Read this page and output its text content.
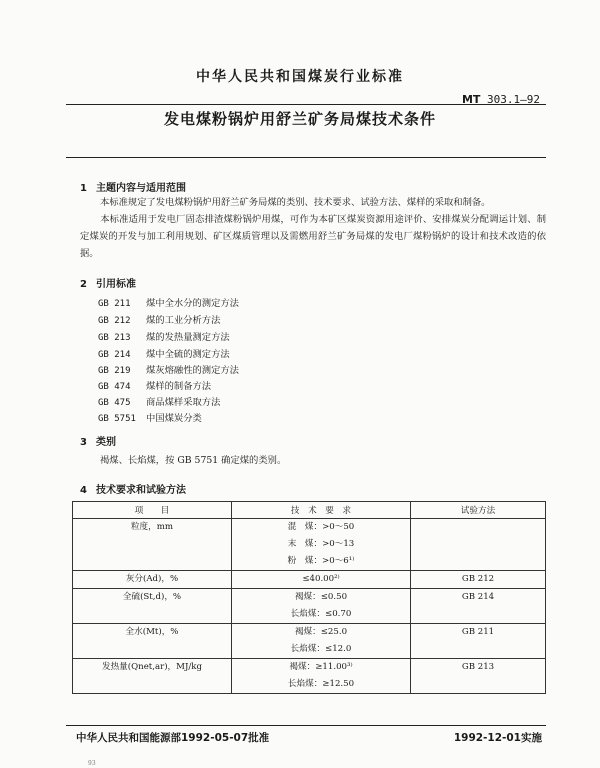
中华人民共和国煤炭行业标准
MT 303.1—92
发电煤粉锅炉用舒兰矿务局煤技术条件
1 主题内容与适用范围
本标准规定了发电煤粉锅炉用舒兰矿务局煤的类别、技术要求、试验方法、煤样的采取和制备。
本标准适用于发电厂固态排渣煤粉锅炉用煤，可作为本矿区煤炭资源用途评价、安排煤炭分配调运计划、制定煤炭的开发与加工利用规划、矿区煤质管理以及需燃用舒兰矿务局煤的发电厂煤粉锅炉的设计和技术改造的依据。
2 引用标准
GB 211 煤中全水分的测定方法
GB 212 煤的工业分析方法
GB 213 煤的发热量测定方法
GB 214 煤中全硫的测定方法
GB 219 煤灰熔融性的测定方法
GB 474 煤样的制备方法
GB 475 商品煤样采取方法
GB 5751 中国煤炭分类
3 类别
褐煤、长焰煤，按 GB 5751 确定煤的类别。
4 技术要求和试验方法
项　　目	技　术　要　求	试验方法

粒度，mm	混　煤：>0～50
末　煤：>0～13
粉　煤：>0～6¹⁾	

灰分(Ad)，%	≤40.00²⁾	GB 212

全硫(St,d)，%	褐煤：≤0.50
长焰煤：≤0.70	GB 214

全水(Mt)，%	褐煤：≤25.0
长焰煤：≤12.0	GB 211

发热量(Qnet,ar)，MJ/kg	褐煤：≥11.00³⁾
长焰煤：≥12.50	GB 213
中华人民共和国能源部1992-05-07批准	1992-12-01实施
93
